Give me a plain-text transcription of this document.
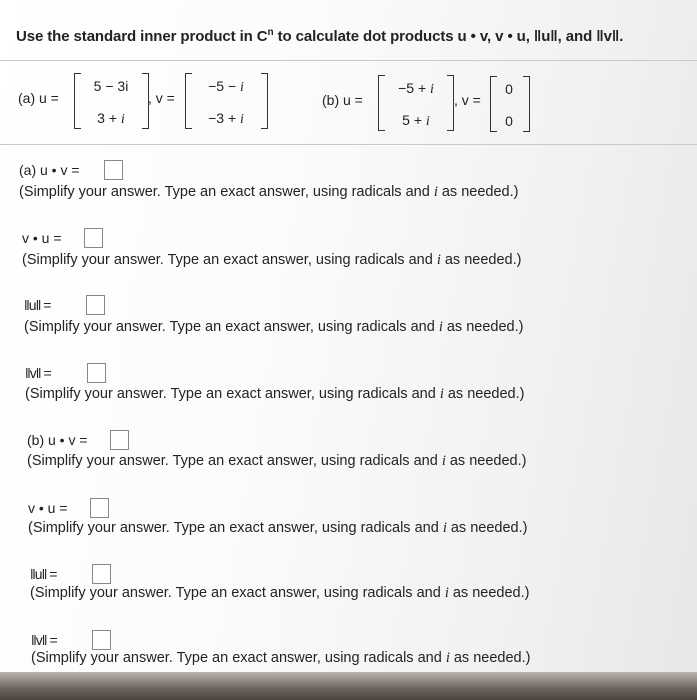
Use the standard inner product in $C^n$ to calculate dot products u • v, v • u, ‖u‖, and ‖v‖.
(a) u =
5 − 3i
3 + i
, v =
−5 − i
−3 + i
(b) u =
−5 + i
5 + i
, v =
0
0
(a) u • v =
(Simplify your answer. Type an exact answer, using radicals and i as needed.)
v • u =
(Simplify your answer. Type an exact answer, using radicals and i as needed.)
‖u‖ =
(Simplify your answer. Type an exact answer, using radicals and i as needed.)
‖v‖ =
(Simplify your answer. Type an exact answer, using radicals and i as needed.)
(b) u • v =
(Simplify your answer. Type an exact answer, using radicals and i as needed.)
v • u =
(Simplify your answer. Type an exact answer, using radicals and i as needed.)
‖u‖ =
(Simplify your answer. Type an exact answer, using radicals and i as needed.)
‖v‖ =
(Simplify your answer. Type an exact answer, using radicals and i as needed.)
